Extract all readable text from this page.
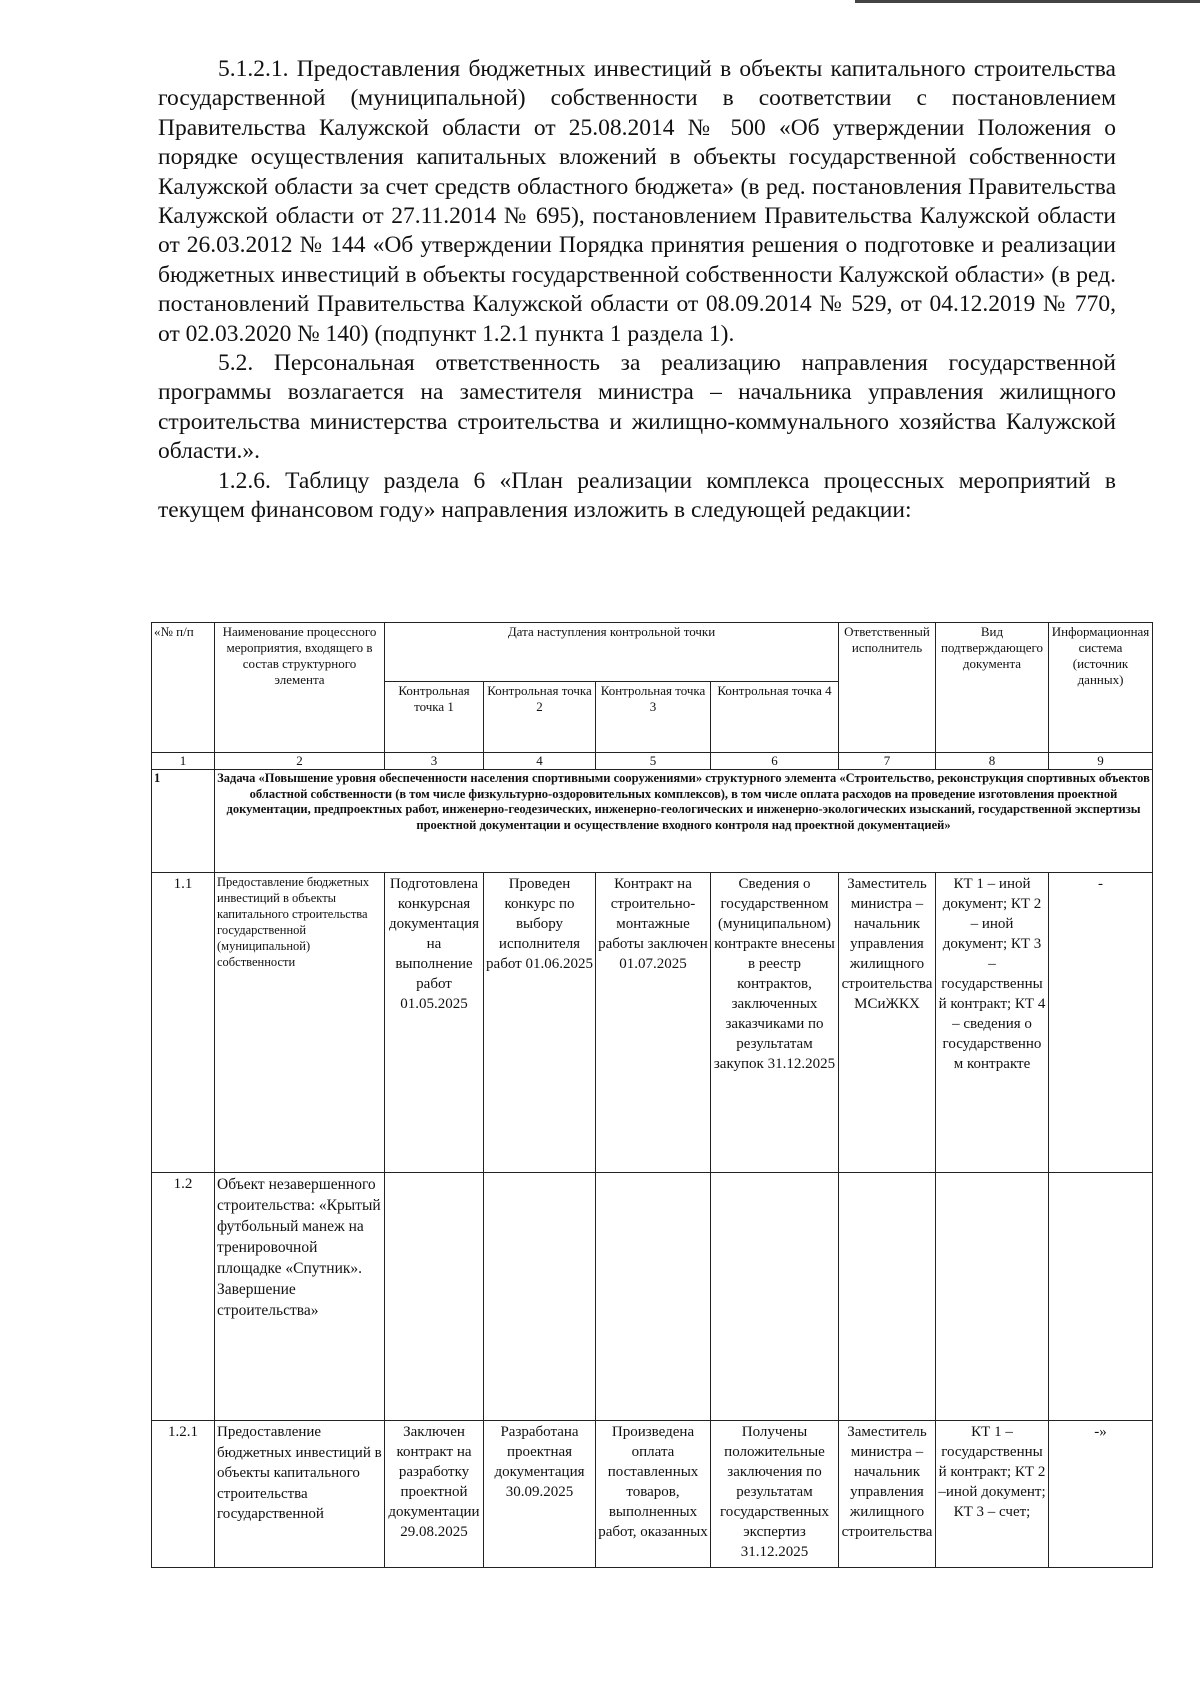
5.1.2.1. Предоставления бюджетных инвестиций в объекты капитального строительства государственной (муниципальной) собственности в соответствии с постановлением Правительства Калужской области от 25.08.2014 № 500 «Об утверждении Положения о порядке осуществления капитальных вложений в объекты государственной собственности Калужской области за счет средств областного бюджета» (в ред. постановления Правительства Калужской области от 27.11.2014 № 695), постановлением Правительства Калужской области от 26.03.2012 № 144 «Об утверждении Порядка принятия решения о подготовке и реализации бюджетных инвестиций в объекты государственной собственности Калужской области» (в ред. постановлений Правительства Калужской области от 08.09.2014 № 529, от 04.12.2019 № 770, от 02.03.2020 № 140) (подпункт 1.2.1 пункта 1 раздела 1).

5.2. Персональная ответственность за реализацию направления государственной программы возлагается на заместителя министра – начальника управления жилищного строительства министерства строительства и жилищно-коммунального хозяйства Калужской области.».

1.2.6. Таблицу раздела 6 «План реализации комплекса процессных мероприятий в текущем финансовом году» направления изложить в следующей редакции:

«№ п/п	Наименование процессного мероприятия, входящего в состав структурного элемента	Дата наступления контрольной точки				Ответственный исполнитель	Вид подтверждающего документа	Информационная система (источник данных)
		Контрольная точка 1	Контрольная точка 2	Контрольная точка 3	Контрольная точка 4			
1	2	3	4	5	6	7	8	9
1	Задача «Повышение уровня обеспеченности населения спортивными сооружениями» структурного элемента «Строительство, реконструкция спортивных объектов областной собственности (в том числе физкультурно-оздоровительных комплексов), в том числе оплата расходов на проведение изготовления проектной документации, предпроектных работ, инженерно-геодезических, инженерно-геологических и инженерно-экологических изысканий, государственной экспертизы проектной документации и осуществление входного контроля над проектной документацией»							
1.1	Предоставление бюджетных инвестиций в объекты капитального строительства государственной (муниципальной) собственности	Подготовлена конкурсная документация на выполнение работ 01.05.2025	Проведен конкурс по выбору исполнителя работ 01.06.2025	Контракт на строительно-монтажные работы заключен 01.07.2025	Сведения о государственном (муниципальном) контракте внесены в реестр контрактов, заключенных заказчиками по результатам закупок 31.12.2025	Заместитель министра – начальник управления жилищного строительства МСиЖКХ	КТ 1 – иной документ; КТ 2 – иной документ; КТ 3 – государственный контракт; КТ 4 – сведения о государственном контракте	-
1.2	Объект незавершенного строительства: «Крытый футбольный манеж на тренировочной площадке «Спутник». Завершение строительства»							
1.2.1	Предоставление бюджетных инвестиций в объекты капитального строительства государственной	Заключен контракт на разработку проектной документации 29.08.2025	Разработана проектная документация 30.09.2025	Произведена оплата поставленных товаров, выполненных работ, оказанных	Получены положительные заключения по результатам государственных экспертиз 31.12.2025	Заместитель министра – начальник управления жилищного строительства	КТ 1 – государственный контракт; КТ 2 –иной документ; КТ 3 – счет;	-»
